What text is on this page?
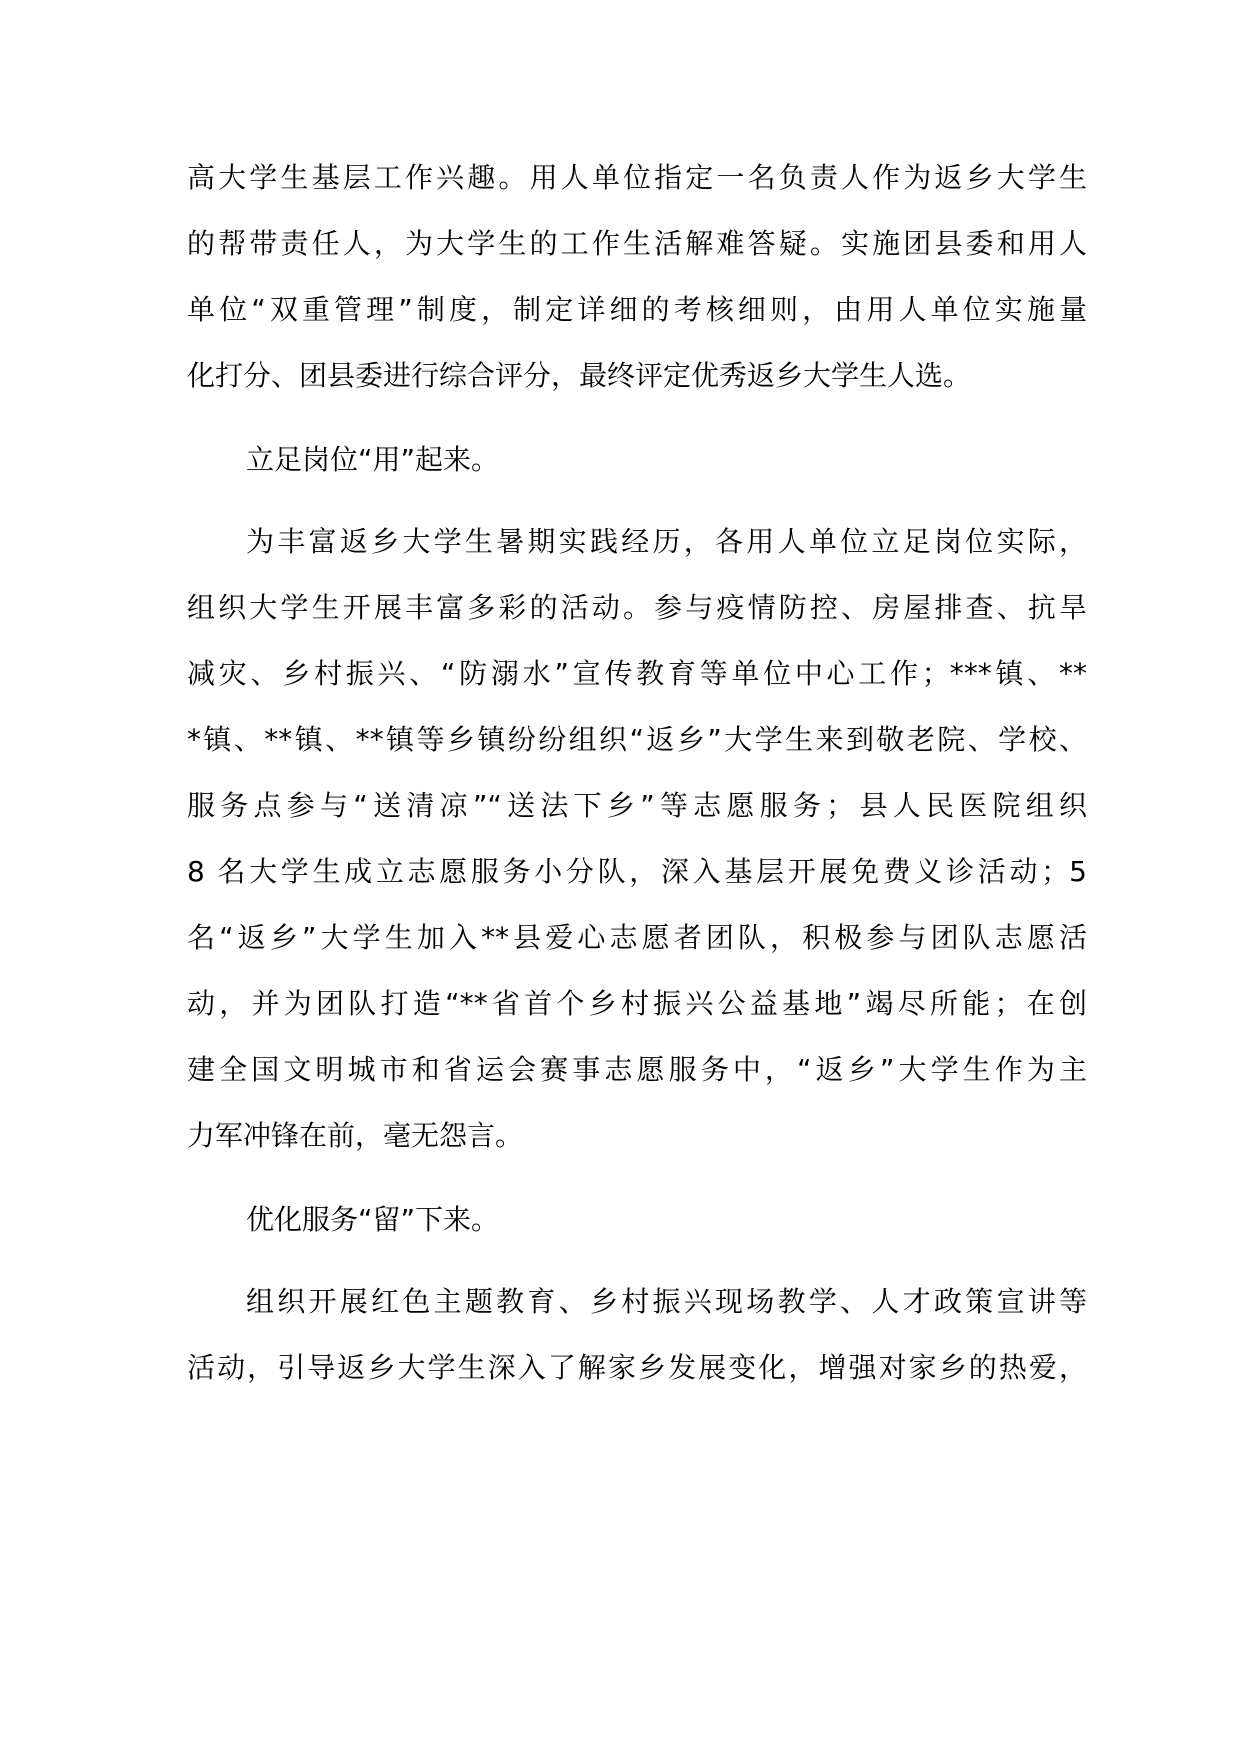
高大学生基层工作兴趣。用人单位指定一名负责人作为返乡大学生

的帮带责任人，为大学生的工作生活解难答疑。实施团县委和用人

单位“双重管理”制度，制定详细的考核细则，由用人单位实施量

化打分、团县委进行综合评分，最终评定优秀返乡大学生人选。

立足岗位“用”起来。

为丰富返乡大学生暑期实践经历，各用人单位立足岗位实际，

组织大学生开展丰富多彩的活动。参与疫情防控、房屋排查、抗旱

减灾、乡村振兴、“防溺水”宣传教育等单位中心工作；***镇、**

*镇、**镇、**镇等乡镇纷纷组织“返乡”大学生来到敬老院、学校、

服务点参与“送清凉”“送法下乡”等志愿服务；县人民医院组织

8 名大学生成立志愿服务小分队，深入基层开展免费义诊活动；5

名“返乡”大学生加入**县爱心志愿者团队，积极参与团队志愿活

动，并为团队打造“**省首个乡村振兴公益基地”竭尽所能；在创

建全国文明城市和省运会赛事志愿服务中，“返乡”大学生作为主

力军冲锋在前，毫无怨言。

优化服务“留”下来。

组织开展红色主题教育、乡村振兴现场教学、人才政策宣讲等

活动，引导返乡大学生深入了解家乡发展变化，增强对家乡的热爱，
